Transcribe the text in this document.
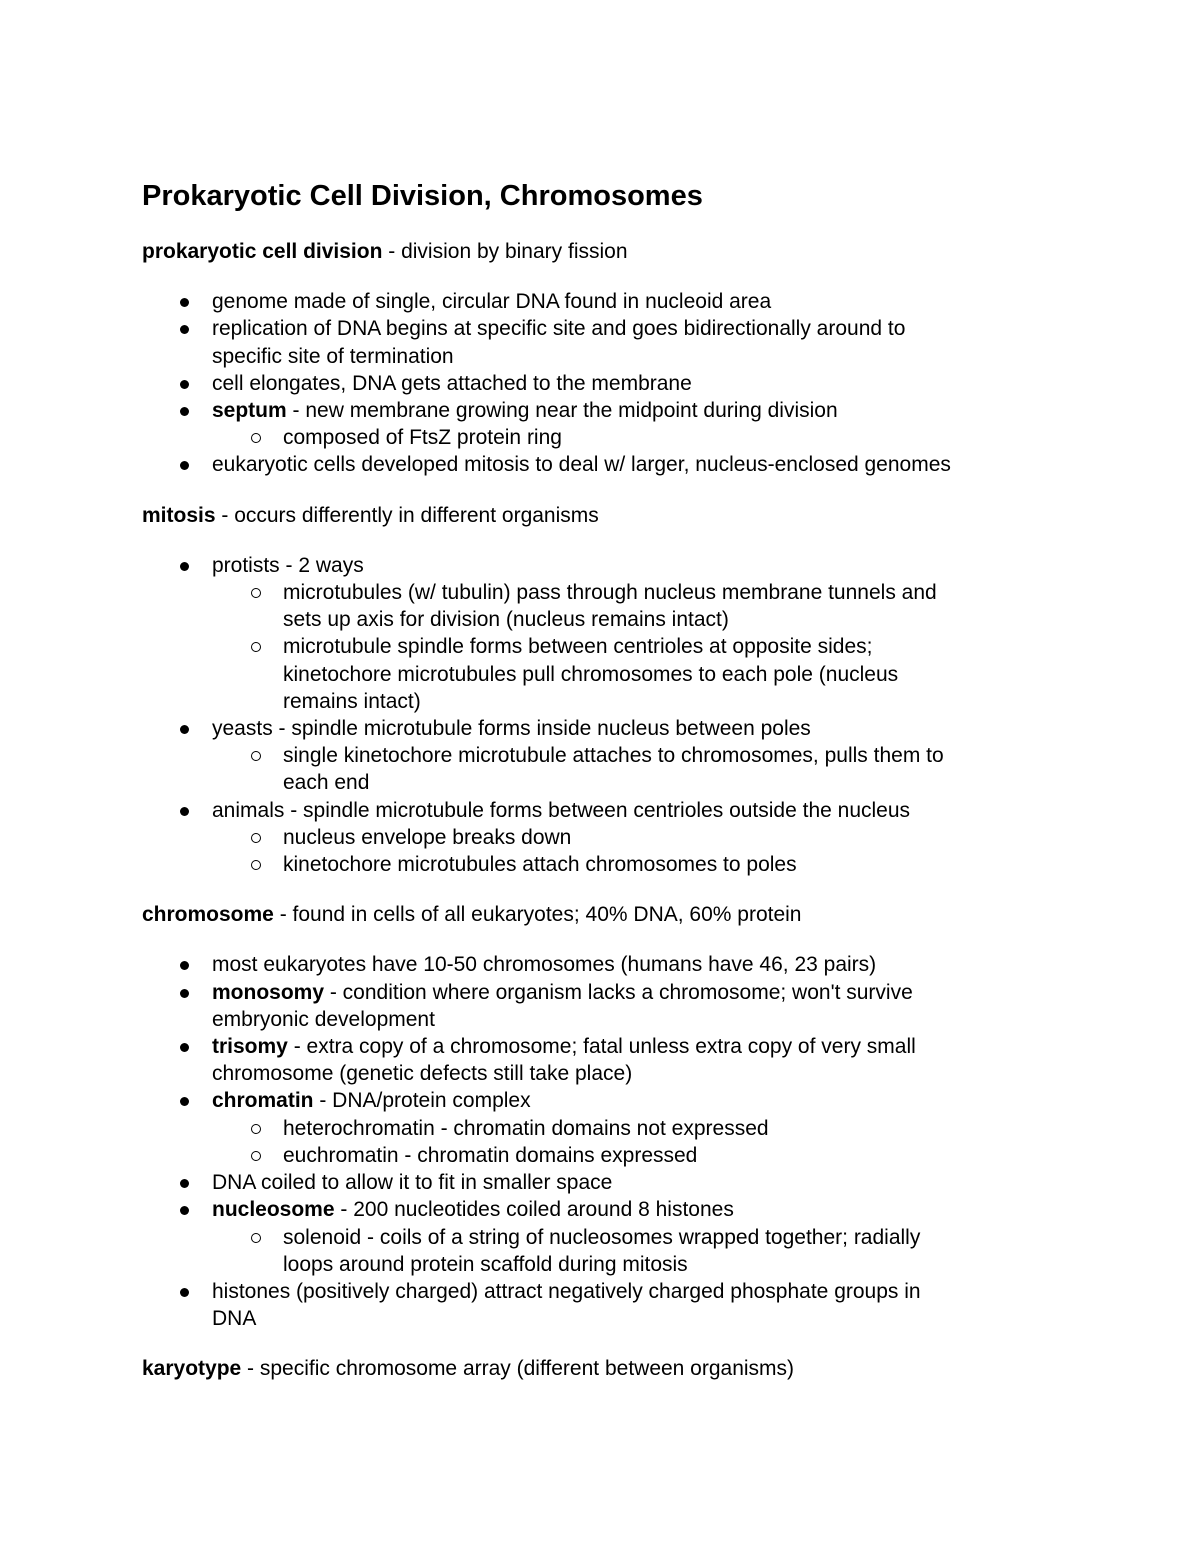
Prokaryotic Cell Division, Chromosomes

prokaryotic cell division - division by binary fission

genome made of single, circular DNA found in nucleoid area
replication of DNA begins at specific site and goes bidirectionally around to
specific site of termination
cell elongates, DNA gets attached to the membrane
septum - new membrane growing near the midpoint during division
composed of FtsZ protein ring
eukaryotic cells developed mitosis to deal w/ larger, nucleus-enclosed genomes

mitosis - occurs differently in different organisms

protists - 2 ways
microtubules (w/ tubulin) pass through nucleus membrane tunnels and
sets up axis for division (nucleus remains intact)
microtubule spindle forms between centrioles at opposite sides;
kinetochore microtubules pull chromosomes to each pole (nucleus
remains intact)
yeasts - spindle microtubule forms inside nucleus between poles
single kinetochore microtubule attaches to chromosomes, pulls them to
each end
animals - spindle microtubule forms between centrioles outside the nucleus
nucleus envelope breaks down
kinetochore microtubules attach chromosomes to poles

chromosome - found in cells of all eukaryotes; 40% DNA, 60% protein

most eukaryotes have 10-50 chromosomes (humans have 46, 23 pairs)
monosomy - condition where organism lacks a chromosome; won't survive
embryonic development
trisomy - extra copy of a chromosome; fatal unless extra copy of very small
chromosome (genetic defects still take place)
chromatin - DNA/protein complex
heterochromatin - chromatin domains not expressed
euchromatin - chromatin domains expressed
DNA coiled to allow it to fit in smaller space
nucleosome - 200 nucleotides coiled around 8 histones
solenoid - coils of a string of nucleosomes wrapped together; radially
loops around protein scaffold during mitosis
histones (positively charged) attract negatively charged phosphate groups in
DNA

karyotype - specific chromosome array (different between organisms)
